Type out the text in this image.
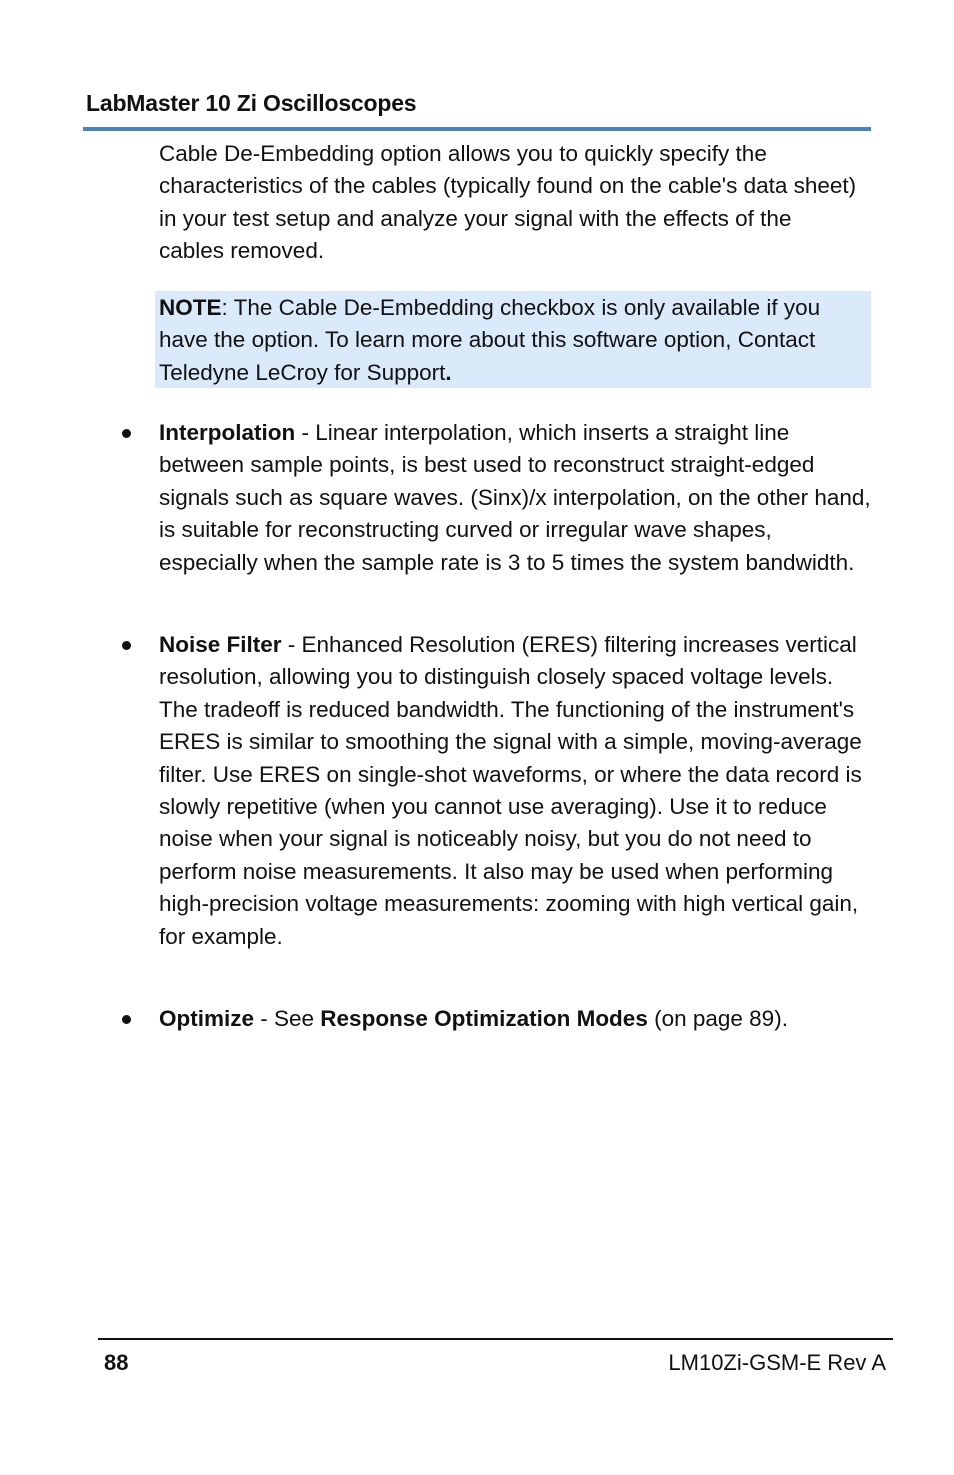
LabMaster 10 Zi Oscilloscopes

Cable De-Embedding option allows you to quickly specify the characteristics of the cables (typically found on the cable's data sheet) in your test setup and analyze your signal with the effects of the cables removed.

NOTE: The Cable De-Embedding checkbox is only available if you have the option. To learn more about this software option, Contact Teledyne LeCroy for Support.
Interpolation - Linear interpolation, which inserts a straight line between sample points, is best used to reconstruct straight-edged signals such as square waves. (Sinx)/x interpolation, on the other hand, is suitable for reconstructing curved or irregular wave shapes, especially when the sample rate is 3 to 5 times the system bandwidth.
Noise Filter - Enhanced Resolution (ERES) filtering increases vertical resolution, allowing you to distinguish closely spaced voltage levels. The tradeoff is reduced bandwidth. The functioning of the instrument's ERES is similar to smoothing the signal with a simple, moving-average filter. Use ERES on single-shot waveforms, or where the data record is slowly repetitive (when you cannot use averaging). Use it to reduce noise when your signal is noticeably noisy, but you do not need to perform noise measurements. It also may be used when performing high-precision voltage measurements: zooming with high vertical gain, for example.
Optimize - See Response Optimization Modes (on page 89).
88	LM10Zi-GSM-E Rev A
